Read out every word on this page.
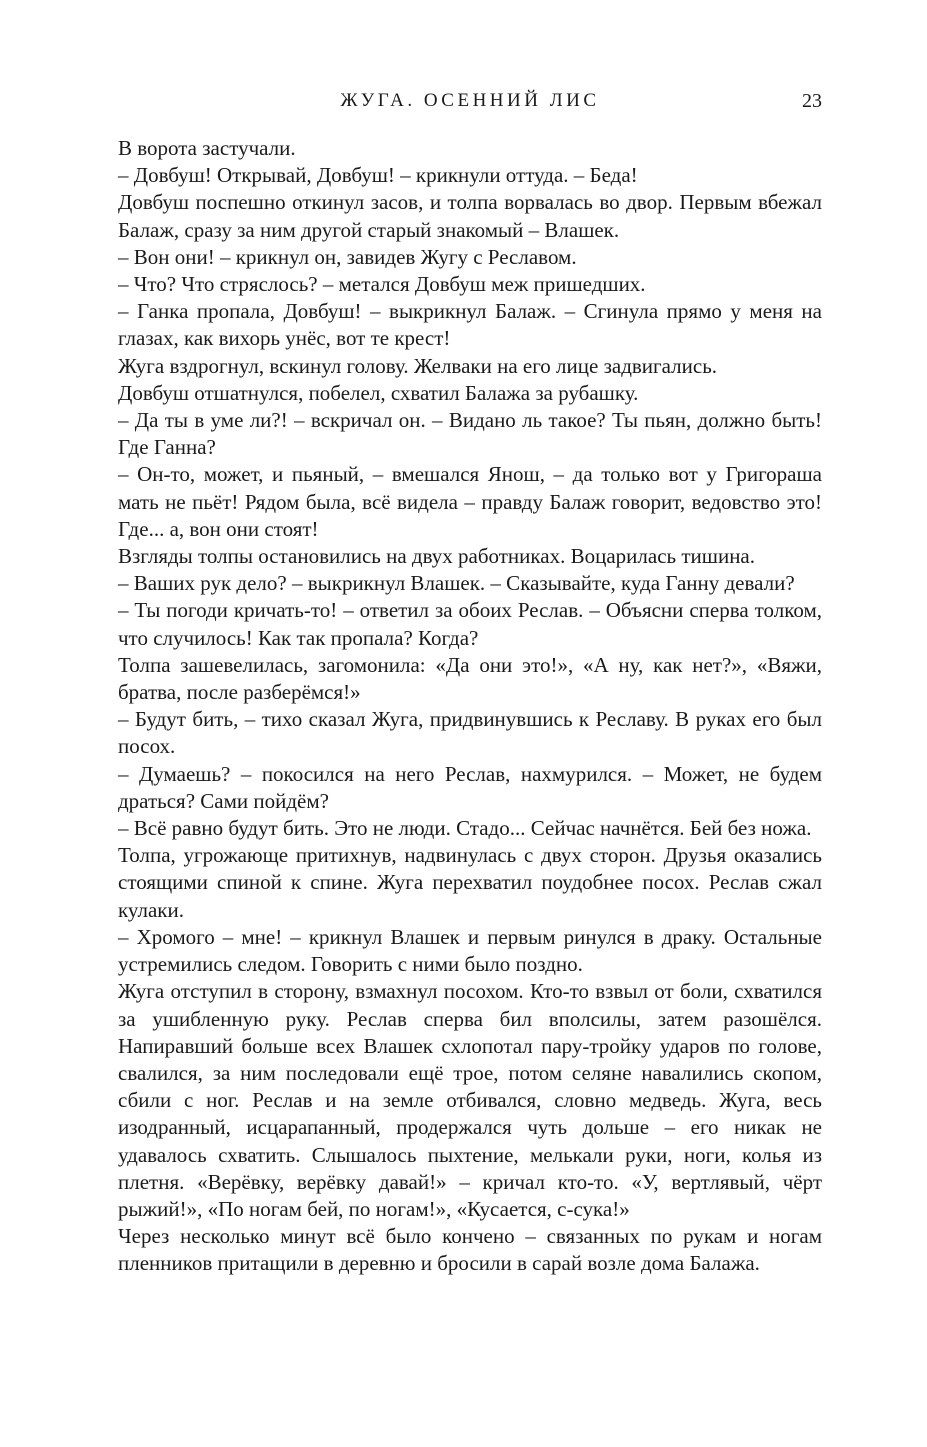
ЖУГА. ОСЕННИЙ ЛИС	23

В ворота застучали.

– Довбуш! Открывай, Довбуш! – крикнули оттуда. – Беда!

Довбуш поспешно откинул засов, и толпа ворвалась во двор. Первым вбежал Балаж, сразу за ним другой старый знакомый – Влашек.

– Вон они! – крикнул он, завидев Жугу с Реславом.

– Что? Что стряслось? – метался Довбуш меж пришедших.

– Ганка пропала, Довбуш! – выкрикнул Балаж. – Сгинула прямо у меня на глазах, как вихорь унёс, вот те крест!

Жуга вздрогнул, вскинул голову. Желваки на его лице задвигались.

Довбуш отшатнулся, побелел, схватил Балажа за рубашку.

– Да ты в уме ли?! – вскричал он. – Видано ль такое? Ты пьян, должно быть! Где Ганна?

– Он-то, может, и пьяный, – вмешался Янош, – да только вот у Григораша мать не пьёт! Рядом была, всё видела – правду Балаж говорит, ведовство это! Где... а, вон они стоят!

Взгляды толпы остановились на двух работниках. Воцарилась тишина.

– Ваших рук дело? – выкрикнул Влашек. – Сказывайте, куда Ганну девали?

– Ты погоди кричать-то! – ответил за обоих Реслав. – Объясни сперва толком, что случилось! Как так пропала? Когда?

Толпа зашевелилась, загомонила: «Да они это!», «А ну, как нет?», «Вяжи, братва, после разберёмся!»

– Будут бить, – тихо сказал Жуга, придвинувшись к Реславу. В руках его был посох.

– Думаешь? – покосился на него Реслав, нахмурился. – Может, не будем драться? Сами пойдём?

– Всё равно будут бить. Это не люди. Стадо... Сейчас начнётся. Бей без ножа.

Толпа, угрожающе притихнув, надвинулась с двух сторон. Друзья оказались стоящими спиной к спине. Жуга перехватил поудобнее посох. Реслав сжал кулаки.

– Хромого – мне! – крикнул Влашек и первым ринулся в драку. Остальные устремились следом. Говорить с ними было поздно.

Жуга отступил в сторону, взмахнул посохом. Кто-то взвыл от боли, схватился за ушибленную руку. Реслав сперва бил вполсилы, затем разошёлся. Напиравший больше всех Влашек схлопотал пару-тройку ударов по голове, свалился, за ним последовали ещё трое, потом селяне навалились скопом, сбили с ног. Реслав и на земле отбивался, словно медведь. Жуга, весь изодранный, исцарапанный, продержался чуть дольше – его никак не удавалось схватить. Слышалось пыхтение, мелькали руки, ноги, колья из плетня. «Верёвку, верёвку давай!» – кричал кто-то. «У, вертлявый, чёрт рыжий!», «По ногам бей, по ногам!», «Кусается, с-сука!»

Через несколько минут всё было кончено – связанных по рукам и ногам пленников притащили в деревню и бросили в сарай возле дома Балажа.
